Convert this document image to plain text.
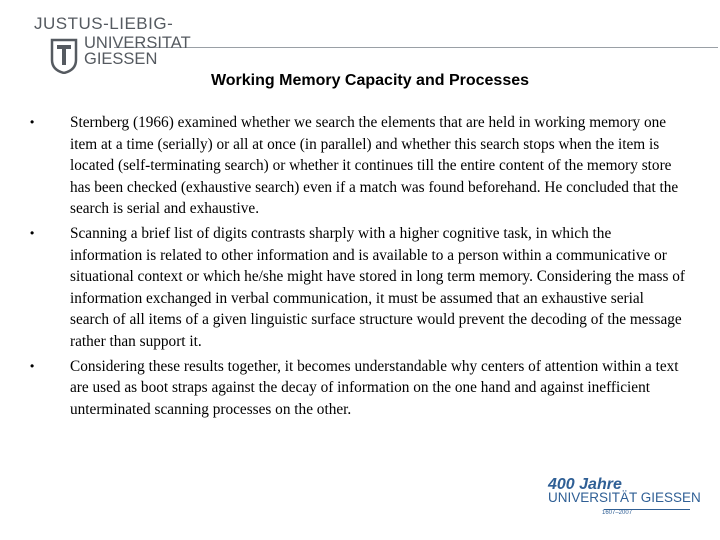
JUSTUS-LIEBIG-
UNIVERSITAT
GIESSEN
Working Memory Capacity and Processes
• Sternberg (1966) examined whether we search the elements that are held in working memory one item at a time (serially) or all at once (in parallel) and whether this search stops when the item is located (self-terminating search) or whether it continues till the entire content of the memory store has been checked (exhaustive search) even if a match was found beforehand. He concluded that the search is serial and exhaustive.
• Scanning a brief list of digits contrasts sharply with a higher cognitive task, in which the information is related to other information and is available to a person within a communicative or situational context or which he/she might have stored in long term memory. Considering the mass of information exchanged in verbal communication, it must be assumed that an exhaustive serial search of all items of a given linguistic surface structure would prevent the decoding of the message rather than support it.
• Considering these results together, it becomes understandable why centers of attention within a text are used as boot straps against the decay of information on the one hand and against inefficient unterminated scanning processes on the other.
400 Jahre
UNIVERSITÄT GIESSEN
1607–2007
